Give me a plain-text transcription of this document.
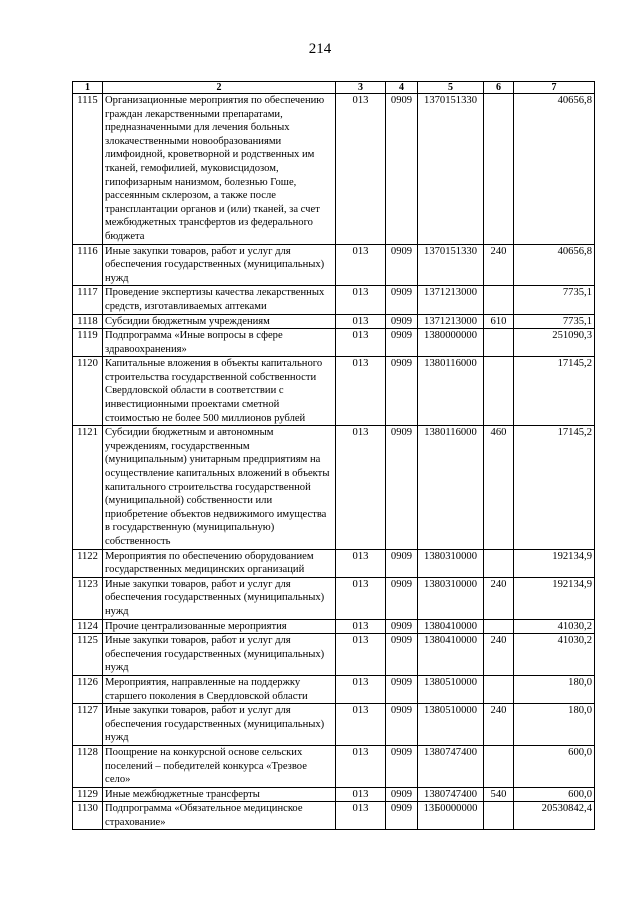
214
1	2	3	4	5	6	7
1115	Организационные мероприятия по обеспечению граждан лекарственными препаратами, предназначенными для лечения больных злокачественными новообразованиями лимфоидной, кроветворной и родственных им тканей, гемофилией, муковисцидозом, гипофизарным нанизмом, болезнью Гоше, рассеянным склерозом, а также после трансплантации органов и (или) тканей, за счет межбюджетных трансфертов из федерального бюджета	013	0909	1370151330		40656,8
1116	Иные закупки товаров, работ и услуг для обеспечения государственных (муниципальных) нужд	013	0909	1370151330	240	40656,8
1117	Проведение экспертизы качества лекарственных средств, изготавливаемых аптеками	013	0909	1371213000		7735,1
1118	Субсидии бюджетным учреждениям	013	0909	1371213000	610	7735,1
1119	Подпрограмма «Иные вопросы в сфере здравоохранения»	013	0909	1380000000		251090,3
1120	Капитальные вложения в объекты капитального строительства государственной собственности Свердловской области в соответствии с инвестиционными проектами сметной стоимостью не более 500 миллионов рублей	013	0909	1380116000		17145,2
1121	Субсидии бюджетным и автономным учреждениям, государственным (муниципальным) унитарным предприятиям на осуществление капитальных вложений в объекты капитального строительства государственной (муниципальной) собственности или приобретение объектов недвижимого имущества в государственную (муниципальную) собственность	013	0909	1380116000	460	17145,2
1122	Мероприятия по обеспечению оборудованием государственных медицинских организаций	013	0909	1380310000		192134,9
1123	Иные закупки товаров, работ и услуг для обеспечения государственных (муниципальных) нужд	013	0909	1380310000	240	192134,9
1124	Прочие централизованные мероприятия	013	0909	1380410000		41030,2
1125	Иные закупки товаров, работ и услуг для обеспечения государственных (муниципальных) нужд	013	0909	1380410000	240	41030,2
1126	Мероприятия, направленные на поддержку старшего поколения в Свердловской области	013	0909	1380510000		180,0
1127	Иные закупки товаров, работ и услуг для обеспечения государственных (муниципальных) нужд	013	0909	1380510000	240	180,0
1128	Поощрение на конкурсной основе сельских поселений – победителей конкурса «Трезвое село»	013	0909	1380747400		600,0
1129	Иные межбюджетные трансферты	013	0909	1380747400	540	600,0
1130	Подпрограмма «Обязательное медицинское страхование»	013	0909	13Б0000000		20530842,4
